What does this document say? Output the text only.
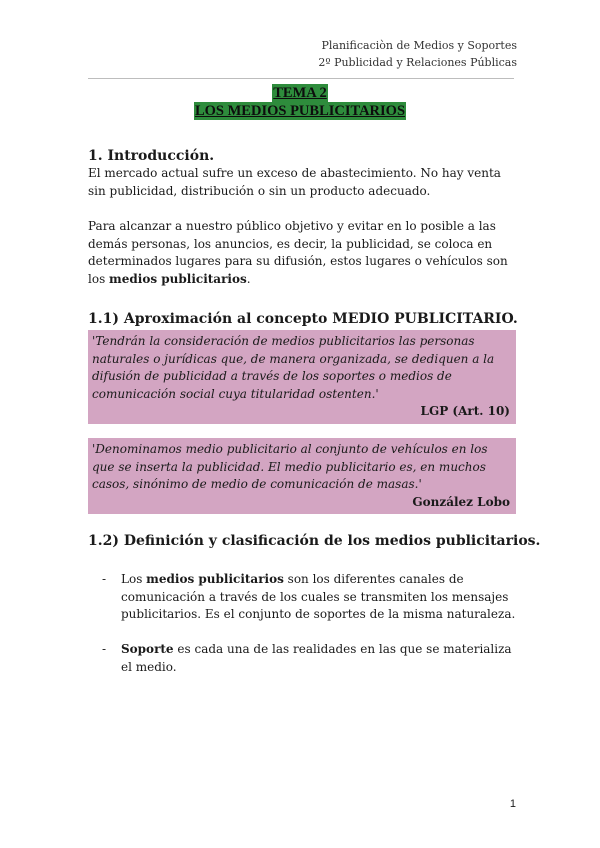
Planificaciòn de Medios y Soportes
2º Publicidad y Relaciones Públicas
TEMA 2
LOS MEDIOS PUBLICITARIOS
1. Introducción.
El mercado actual sufre un exceso de abastecimiento. No hay venta sin publicidad, distribución o sin un producto adecuado.
Para alcanzar a nuestro público objetivo y evitar en lo posible a las demás personas, los anuncios, es decir, la publicidad, se coloca en determinados lugares para su difusión, estos lugares o vehículos son los medios publicitarios.
1.1) Aproximación al concepto MEDIO PUBLICITARIO.
'Tendrán la consideración de medios publicitarios las personas naturales o jurídicas que, de manera organizada, se dediquen a la difusión de publicidad a través de los soportes o medios de comunicación social cuya titularidad ostenten.'
LGP (Art. 10)
'Denominamos medio publicitario al conjunto de vehículos en los que se inserta la publicidad. El medio publicitario es, en muchos casos, sinónimo de medio de comunicación de masas.'
González Lobo
1.2) Definición y clasificación de los medios publicitarios.
- Los medios publicitarios son los diferentes canales de comunicación a través de los cuales se transmiten los mensajes publicitarios. Es el conjunto de soportes de la misma naturaleza.
- Soporte es cada una de las realidades en las que se materializa el medio.
1
